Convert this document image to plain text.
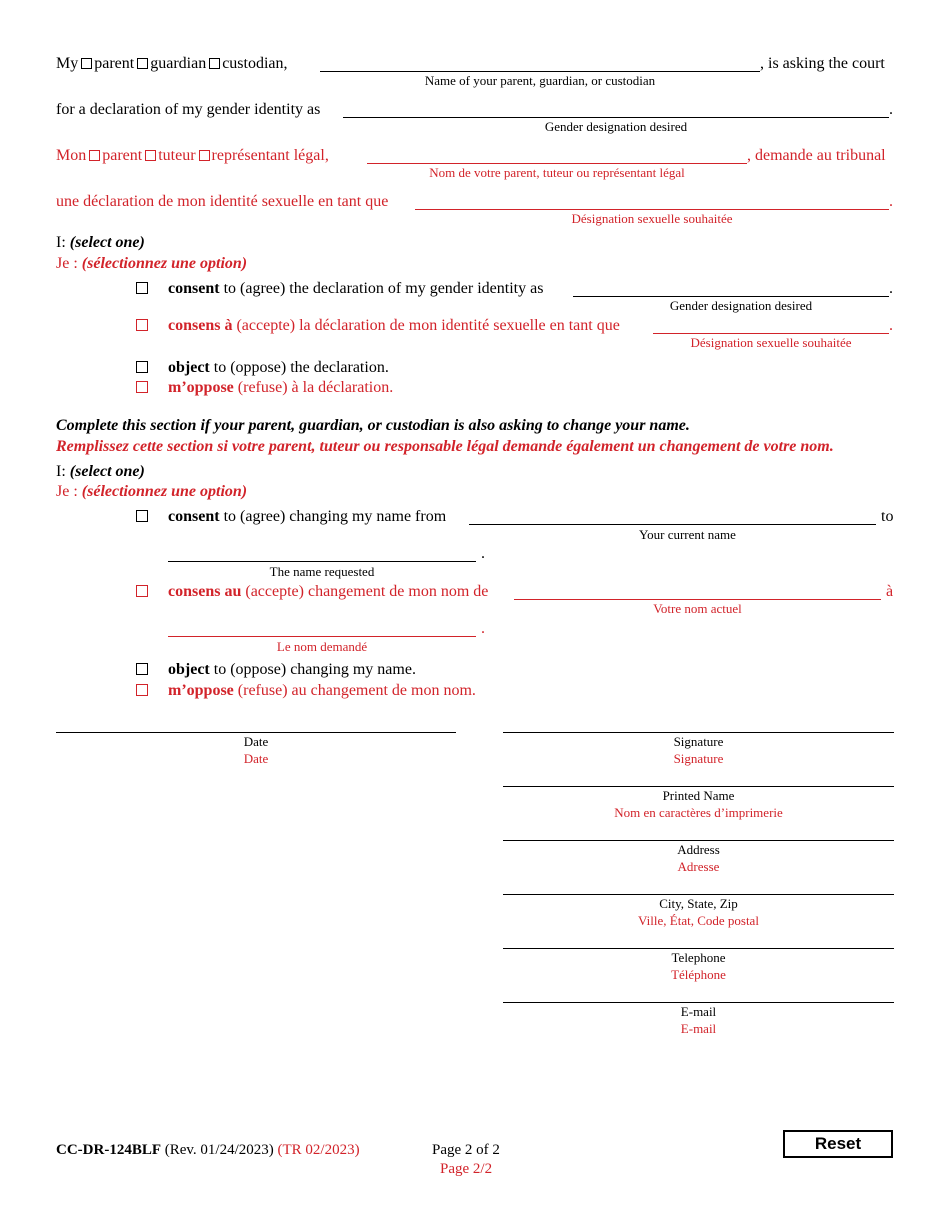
My parent guardian custodian,	, is asking the court
Name of your parent, guardian, or custodian
for a declaration of my gender identity as	.
Gender designation desired
Mon parent tuteur représentant légal,	, demande au tribunal
Nom de votre parent, tuteur ou représentant légal
une déclaration de mon identité sexuelle en tant que	.
Désignation sexuelle souhaitée
I: (select one)
Je : (sélectionnez une option)
consent to (agree) the declaration of my gender identity as	.
Gender designation desired
consens à (accepte) la déclaration de mon identité sexuelle en tant que	.
Désignation sexuelle souhaitée
object to (oppose) the declaration.
m’oppose (refuse) à la déclaration.
Complete this section if your parent, guardian, or custodian is also asking to change your name.
Remplissez cette section si votre parent, tuteur ou responsable légal demande également un changement de votre nom.
I: (select one)
Je : (sélectionnez une option)
consent to (agree) changing my name from	to
Your current name
.
The name requested
consens au (accepte) changement de mon nom de	à
Votre nom actuel
.
Le nom demandé
object to (oppose) changing my name.
m’oppose (refuse) au changement de mon nom.
Date
Date
Signature
Signature
Printed Name
Nom en caractères d’imprimerie
Address
Adresse
City, State, Zip
Ville, État, Code postal
Telephone
Téléphone
E-mail
E-mail
CC-DR-124BLF (Rev. 01/24/2023) (TR 02/2023)	Page 2 of 2
Page 2/2
Reset
